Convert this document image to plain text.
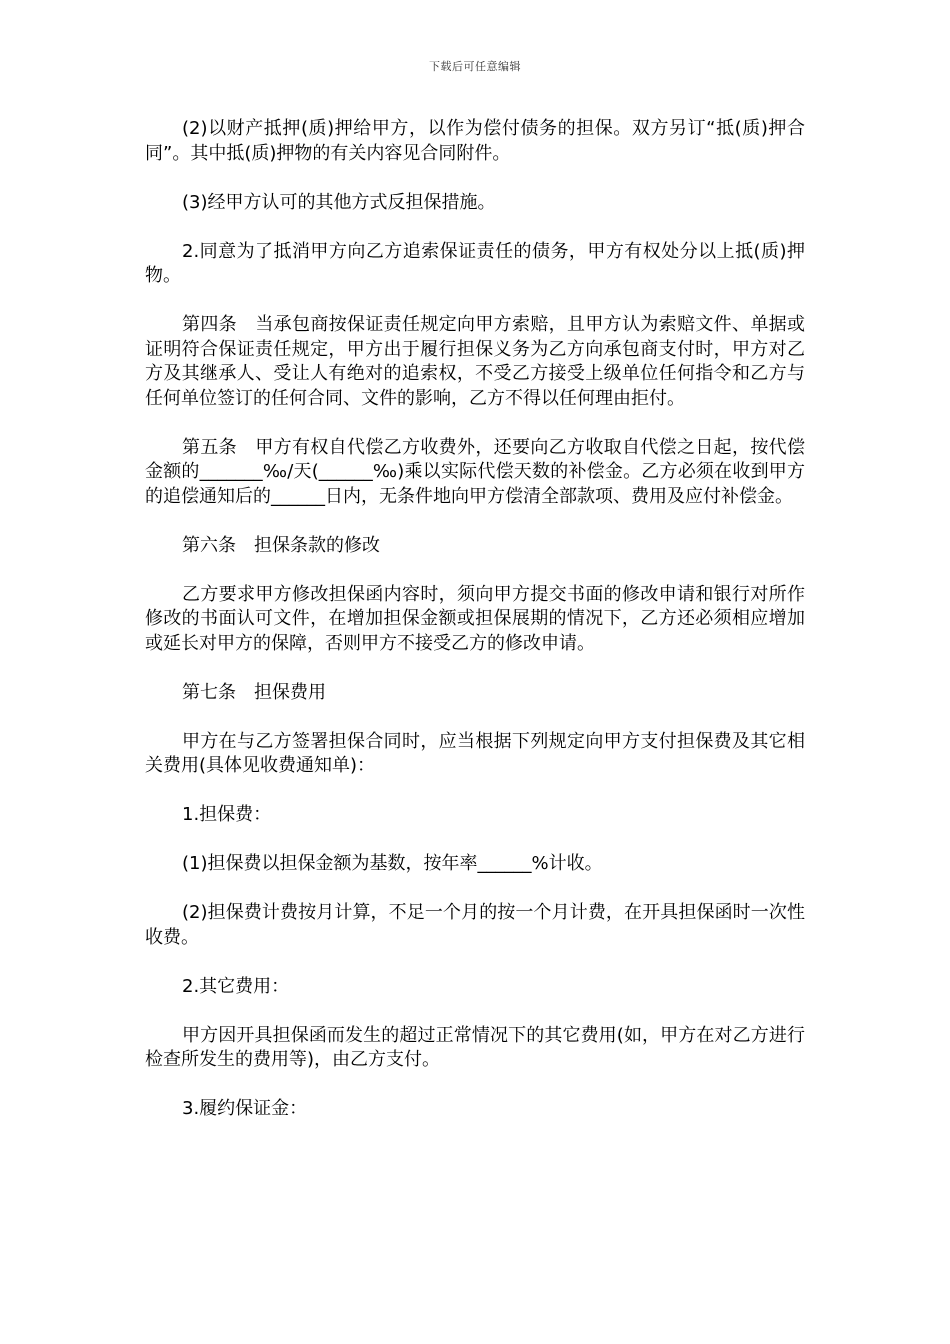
下载后可任意编辑

(2)以财产抵押(质)押给甲方，以作为偿付债务的担保。双方另订“抵(质)押合同”。其中抵(质)押物的有关内容见合同附件。

(3)经甲方认可的其他方式反担保措施。

2.同意为了抵消甲方向乙方追索保证责任的债务，甲方有权处分以上抵(质)押物。

第四条　当承包商按保证责任规定向甲方索赔，且甲方认为索赔文件、单据或证明符合保证责任规定，甲方出于履行担保义务为乙方向承包商支付时，甲方对乙方及其继承人、受让人有绝对的追索权，不受乙方接受上级单位任何指令和乙方与任何单位签订的任何合同、文件的影响，乙方不得以任何理由拒付。

第五条　甲方有权自代偿乙方收费外，还要向乙方收取自代偿之日起，按代偿金额的_______‰/天(______‰)乘以实际代偿天数的补偿金。乙方必须在收到甲方的追偿通知后的______日内，无条件地向甲方偿清全部款项、费用及应付补偿金。

第六条　担保条款的修改

乙方要求甲方修改担保函内容时，须向甲方提交书面的修改申请和银行对所作修改的书面认可文件，在增加担保金额或担保展期的情况下，乙方还必须相应增加或延长对甲方的保障，否则甲方不接受乙方的修改申请。

第七条　担保费用

甲方在与乙方签署担保合同时，应当根据下列规定向甲方支付担保费及其它相关费用(具体见收费通知单)：

1.担保费：

(1)担保费以担保金额为基数，按年率______%计收。

(2)担保费计费按月计算，不足一个月的按一个月计费，在开具担保函时一次性收费。

2.其它费用：

甲方因开具担保函而发生的超过正常情况下的其它费用(如，甲方在对乙方进行检查所发生的费用等)，由乙方支付。

3.履约保证金：
